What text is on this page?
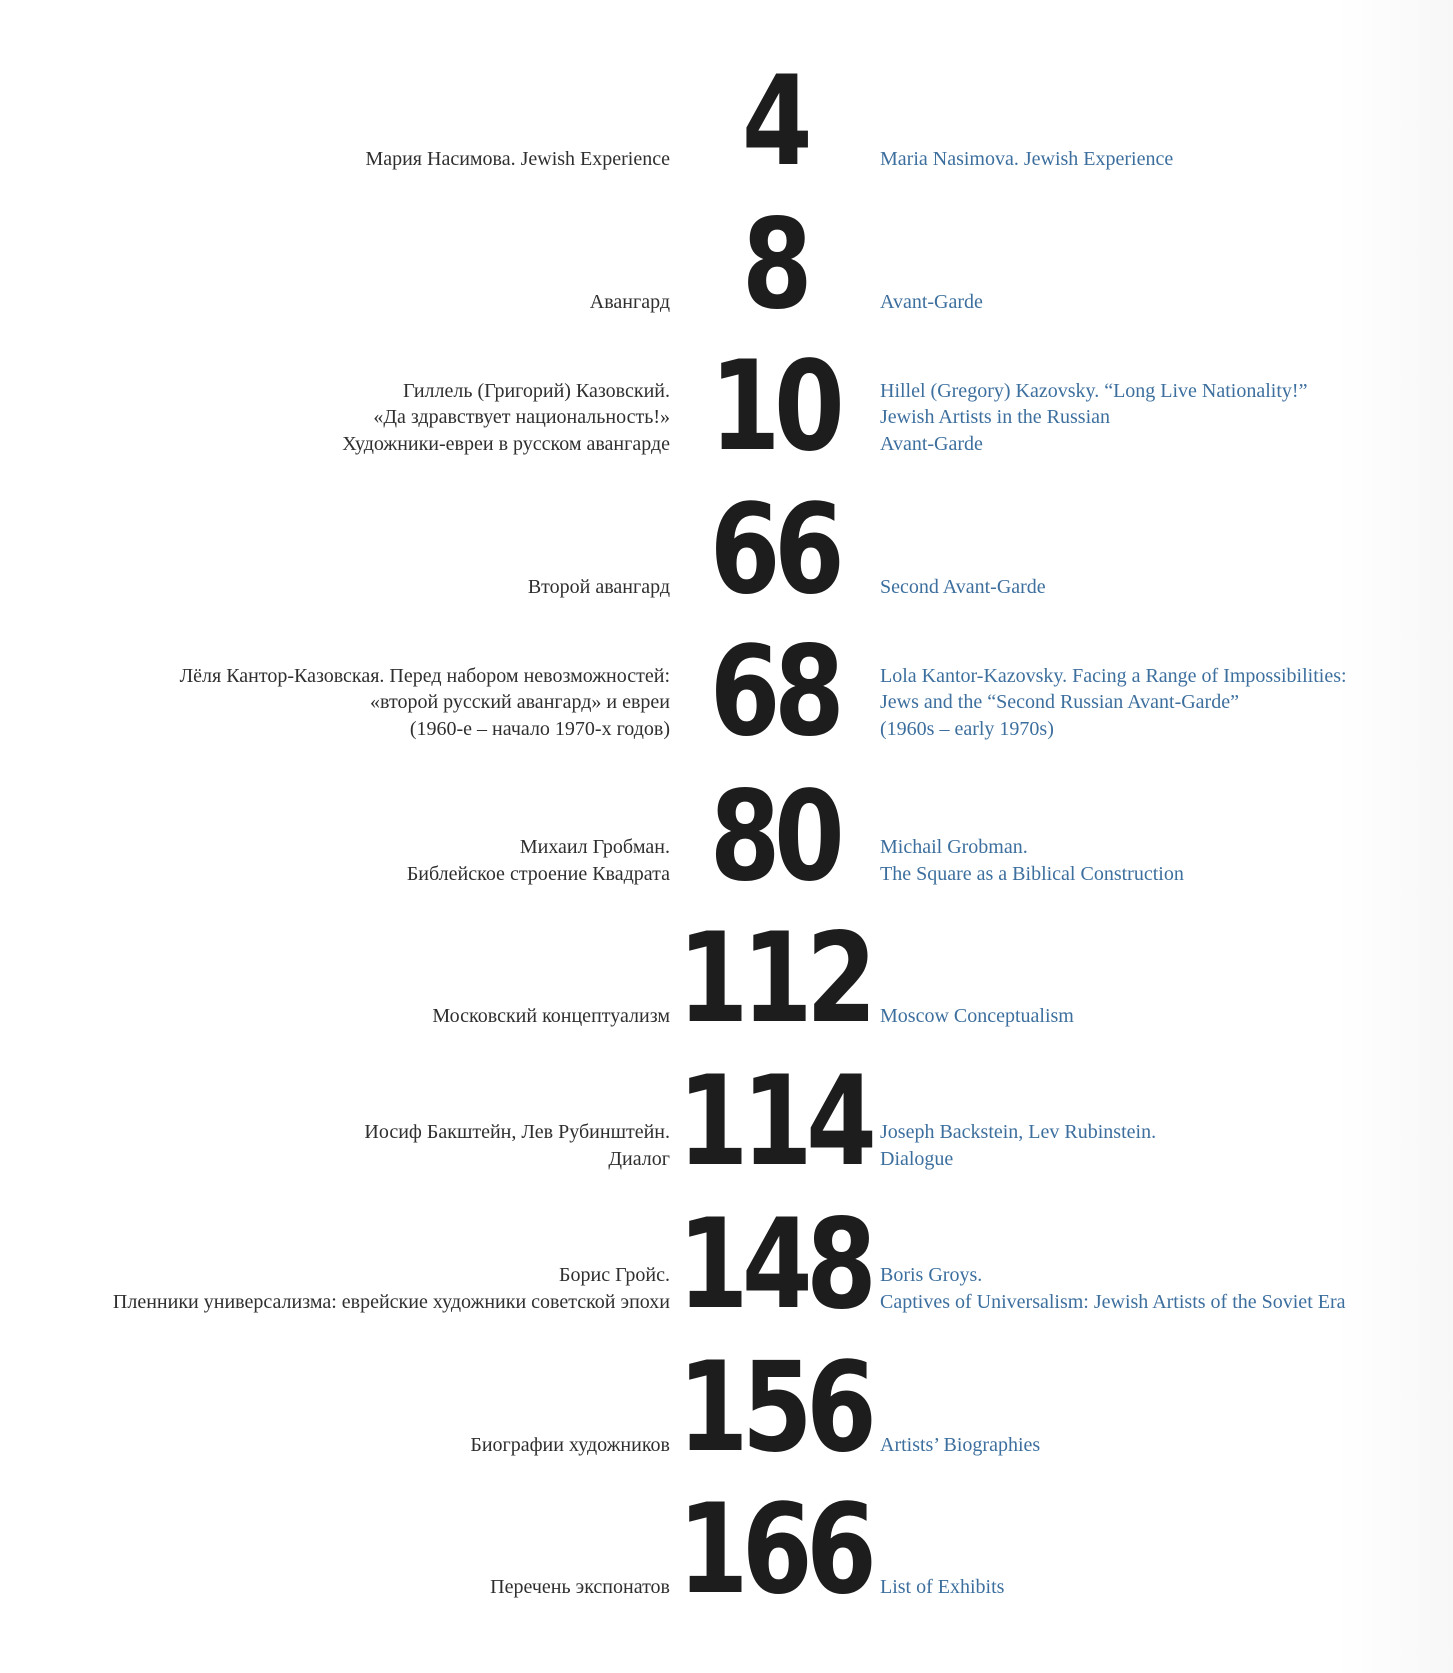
Мария Насимова. Jewish Experience 4	Maria Nasimova. Jewish Experience
Авангард 8	Avant-Garde
Гиллель (Григорий) Казовский.
«Да здравствует национальность!»
Художники-евреи в русском авангарде 10	Hillel (Gregory) Kazovsky. “Long Live Nationality!”
Jewish Artists in the Russian
Avant-Garde
Второй авангард 66	Second Avant-Garde
Лёля Кантор-Казовская. Перед набором невозможностей:
«второй русский авангард» и евреи
(1960-е – начало 1970-х годов) 68	Lola Kantor-Kazovsky. Facing a Range of Impossibilities:
Jews and the “Second Russian Avant-Garde”
(1960s – early 1970s)
Михаил Гробман.
Библейское строение Квадрата 80	Michail Grobman.
The Square as a Biblical Construction
Московский концептуализм 112 Moscow Conceptualism
Иосиф Бакштейн, Лев Рубинштейн.
Диалог 114 Joseph Backstein, Lev Rubinstein.
Dialogue
Борис Гройс.
Пленники универсализма: еврейские художники советской эпохи 148 Boris Groys.
Captives of Universalism: Jewish Artists of the Soviet Era
Биографии художников 156 Artists’ Biographies
Перечень экспонатов 166 List of Exhibits
